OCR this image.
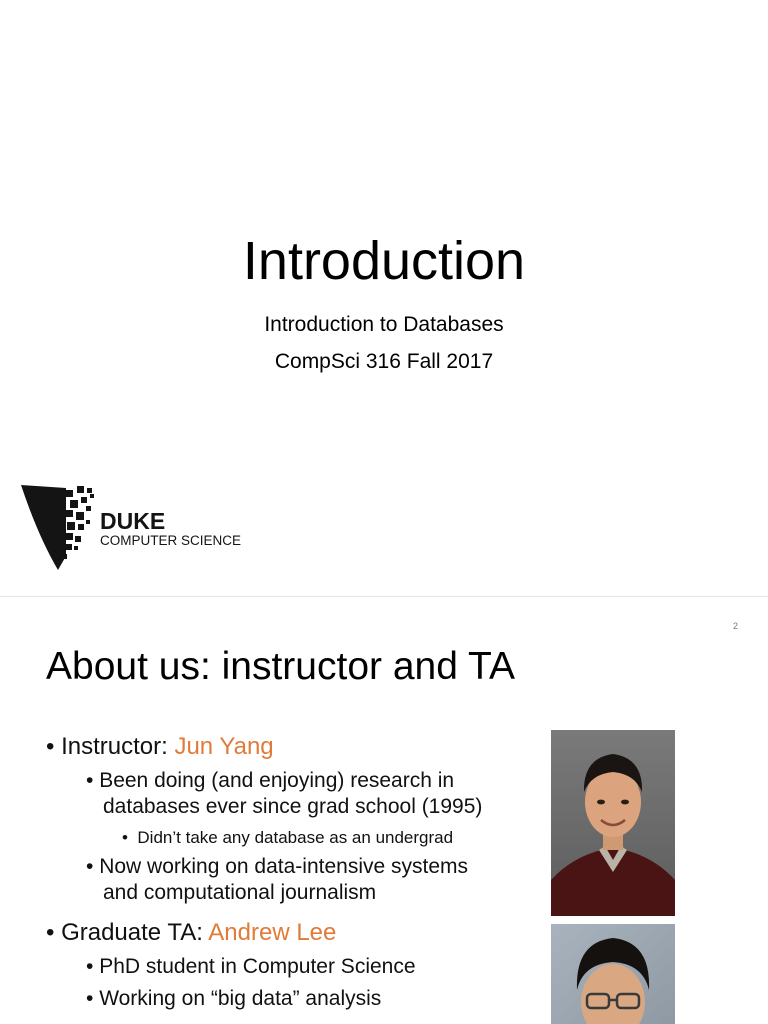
Introduction
Introduction to Databases
CompSci 316 Fall 2017
DUKE
COMPUTER SCIENCE
2
About us: instructor and TA
• Instructor: Jun Yang
• Been doing (and enjoying) research in
databases ever since grad school (1995)
•  Didn’t take any database as an undergrad
• Now working on data-intensive systems
and computational journalism
• Graduate TA: Andrew Lee
• PhD student in Computer Science
• Working on “big data” analysis
